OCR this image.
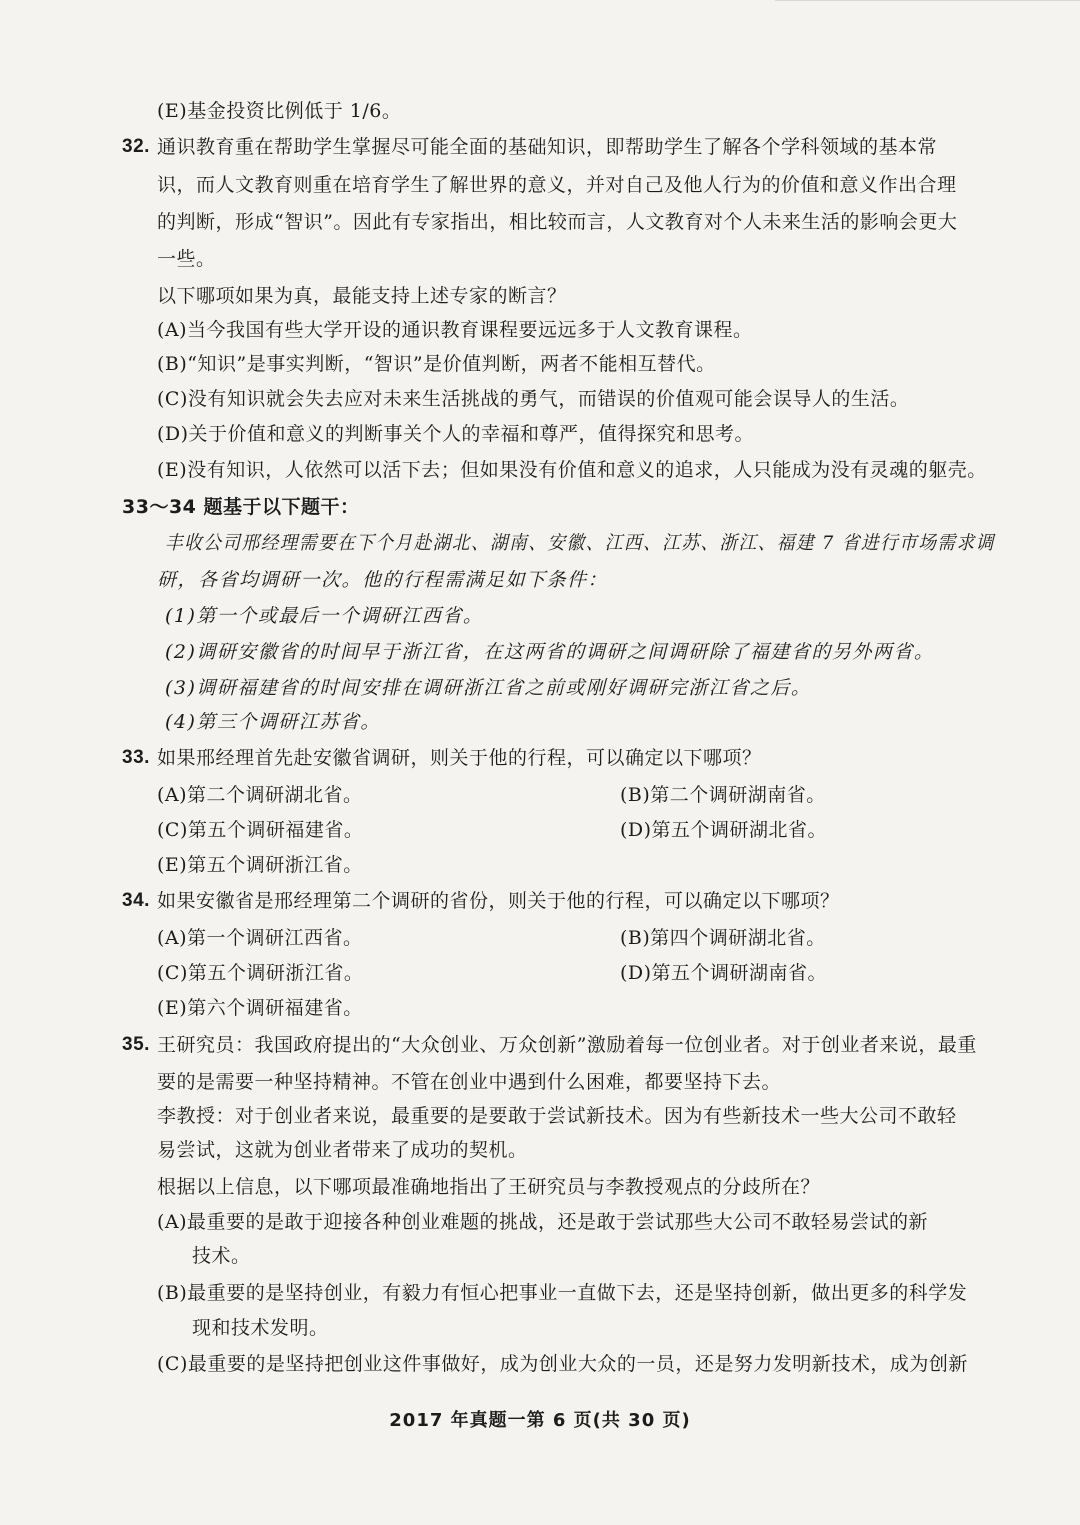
(E)基金投资比例低于 1/6。
32. 通识教育重在帮助学生掌握尽可能全面的基础知识，即帮助学生了解各个学科领域的基本常
识，而人文教育则重在培育学生了解世界的意义，并对自己及他人行为的价值和意义作出合理
的判断，形成“智识”。因此有专家指出，相比较而言，人文教育对个人未来生活的影响会更大
一些。
以下哪项如果为真，最能支持上述专家的断言？
(A)当今我国有些大学开设的通识教育课程要远远多于人文教育课程。
(B)“知识”是事实判断，“智识”是价值判断，两者不能相互替代。
(C)没有知识就会失去应对未来生活挑战的勇气，而错误的价值观可能会误导人的生活。
(D)关于价值和意义的判断事关个人的幸福和尊严，值得探究和思考。
(E)没有知识，人依然可以活下去；但如果没有价值和意义的追求，人只能成为没有灵魂的躯壳。
33～34 题基于以下题干：
丰收公司邢经理需要在下个月赴湖北、湖南、安徽、江西、江苏、浙江、福建 7 省进行市场需求调
研，各省均调研一次。他的行程需满足如下条件：
(1)第一个或最后一个调研江西省。
(2)调研安徽省的时间早于浙江省，在这两省的调研之间调研除了福建省的另外两省。
(3)调研福建省的时间安排在调研浙江省之前或刚好调研完浙江省之后。
(4)第三个调研江苏省。
33. 如果邢经理首先赴安徽省调研，则关于他的行程，可以确定以下哪项？
(A)第二个调研湖北省。	(B)第二个调研湖南省。
(C)第五个调研福建省。	(D)第五个调研湖北省。
(E)第五个调研浙江省。
34. 如果安徽省是邢经理第二个调研的省份，则关于他的行程，可以确定以下哪项？
(A)第一个调研江西省。	(B)第四个调研湖北省。
(C)第五个调研浙江省。	(D)第五个调研湖南省。
(E)第六个调研福建省。
35. 王研究员：我国政府提出的“大众创业、万众创新”激励着每一位创业者。对于创业者来说，最重
要的是需要一种坚持精神。不管在创业中遇到什么困难，都要坚持下去。
李教授：对于创业者来说，最重要的是要敢于尝试新技术。因为有些新技术一些大公司不敢轻
易尝试，这就为创业者带来了成功的契机。
根据以上信息，以下哪项最准确地指出了王研究员与李教授观点的分歧所在？
(A)最重要的是敢于迎接各种创业难题的挑战，还是敢于尝试那些大公司不敢轻易尝试的新
技术。
(B)最重要的是坚持创业，有毅力有恒心把事业一直做下去，还是坚持创新，做出更多的科学发
现和技术发明。
(C)最重要的是坚持把创业这件事做好，成为创业大众的一员，还是努力发明新技术，成为创新
2017 年真题一第 6 页(共 30 页)
